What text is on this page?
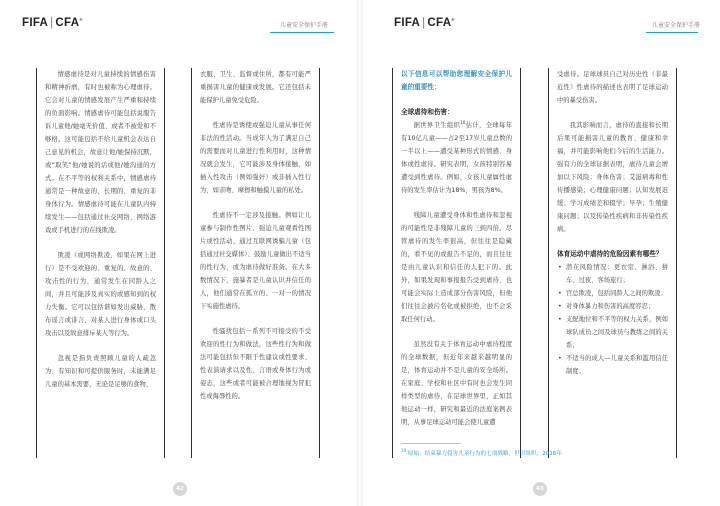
FIFA | CFA®
儿童安全保护手册

情感虐待是对儿童持续的情感伤害和精神折磨，有时也被称为心理虐待。它会对儿童的情感发展产生严重和持续的负面影响。情感虐待可能包括说服告诉儿童他/她毫无价值、或者不被爱和不够格。这可能包括不给儿童机会表达自己意见的机会，故意让他/她保持沉默，或“取笑”他/她说的话或他/她沟通的方式。在不平等的权利关系中，情感虐待通常是一种故意的、长期的、重复的非身体行为。情感虐待可能在儿童队内持续发生——包括通过社交网络、网络游戏或手机进行的在线欺凌。

欺凌（或网络欺凌，如果在网上进行）是不受欢迎的、重复的、故意的、攻击性的行为，通常发生在同龄人之间，并且可能涉及真实的或感知到的权力失衡。它可以包括谐如发出威胁、散布谣言或诽言、对某人进行身体或口头攻击以及故意排斥某人等行为。

忽视是指负责照顾儿童的人疏忽为、有知识和可提供服务时，未能满足儿童的基本需要，无论是足够的食物、

衣服、卫生、监督或住所，都有可能严重损害儿童的健康或发展。它还包括未能保护儿童免受危险。

性虐待是诱使或强迫儿童从事任何非法的性活动。当成年人为了满足自己的需要而对儿童进行性利用时，这种情况就会发生，它可能涉及身体接触，如插入性攻击（例如强奸）或非插入性行为，如亲吻、摩擦和触摸儿童的私处。

性虐待不一定涉及接触。例如让儿童参与制作性图片、强迫儿童观看性图片或性活动、通过互联网诱骗儿童（包括通过社交媒体）、鼓励儿童做出不适当的性行为，或为虐待做好准备。在大多数情况下，施暴者是儿童认识并信任的人，他们通常在孤立的、一对一的情况下实施性虐待。

性骚扰包括一系列不可接受的不受欢迎的性行为和做法，这些性行为和做法可能包括但不限于性建议或性要求、性表演请求以及性、言语或身体行为或姿态，这些或者可能被合理地视为冒犯性或侮辱性的。

42
FIFA | CFA®
儿童安全保护手册

以下信息可以帮助您理解安全保护儿童的重要性：

全球虐待和伤害：

据世界卫生组织$^{10}$估计，全球每年有10亿儿童——占2至17岁儿童总数的一半以上——遭受某种形式的情感、身体或性虐待。研究表明，女孩特别容易遭受到性虐待。例如，女孩儿童属性虐待的发生率估计为18%，男孩为8%。

残障儿童遭受身体和性虐待和忽视的可能性是非残障儿童的三到四倍。尽管虐待的发生率很高，但往往是隐藏的，看不见的或报告不足的，而且往往是由儿童认识和信任的人犯下的。此外，如果发现和事报报告受到虐待，也可能会实际上造成部分伤害风险，但他们往往会被污名化或被拒绝，也不会采取任何行动。

虽然没有关于体育运动中虐待程度的全球数据，但近年来越来越明显的是，体育运动并不是儿童的安全场所。在家庭、学校和社区中有时也会发生同样类型的虐待，在足球世界里，正如其他运动一样，研究和最近的法庭案例表明，从事足球运动可能会使儿童遭

受虐待。足球球员自己对历史性（非最近性）性虐待的描述也表明了足球运动中的暴受伤害。

我其影响而言，虐待的直接和长期后果可能损害儿童的教育、健康和幸福，并可能影响他们今后的生活能力。强有力的全球证据表明，虐待儿童会增加以下风险：身体伤害；艾滋病毒和性传播感染；心理健康问题；认知发展迟缓；学习成绩差和辍学；早孕；生殖健康问题；以及传染性疾病和非传染性疾病。

体育运动中虐待的危险因素有哪些？

• 潜在风险情况：更衣室、淋浴、拼车、过夜、客场旅行；
• 官总欺凌，包括同龄人之间的欺凌；
• 对身体暴力和伤害的高度容忍；
• 支配地位和不平等的权力关系，例如球队成员之间及球员与教练之间的关系；
• 不适当的成人—儿童关系和滥用信任制度；
43
$^{10}$ 原始：结束暴力侵害儿童行为的七项战略，世卫组织，2016年
